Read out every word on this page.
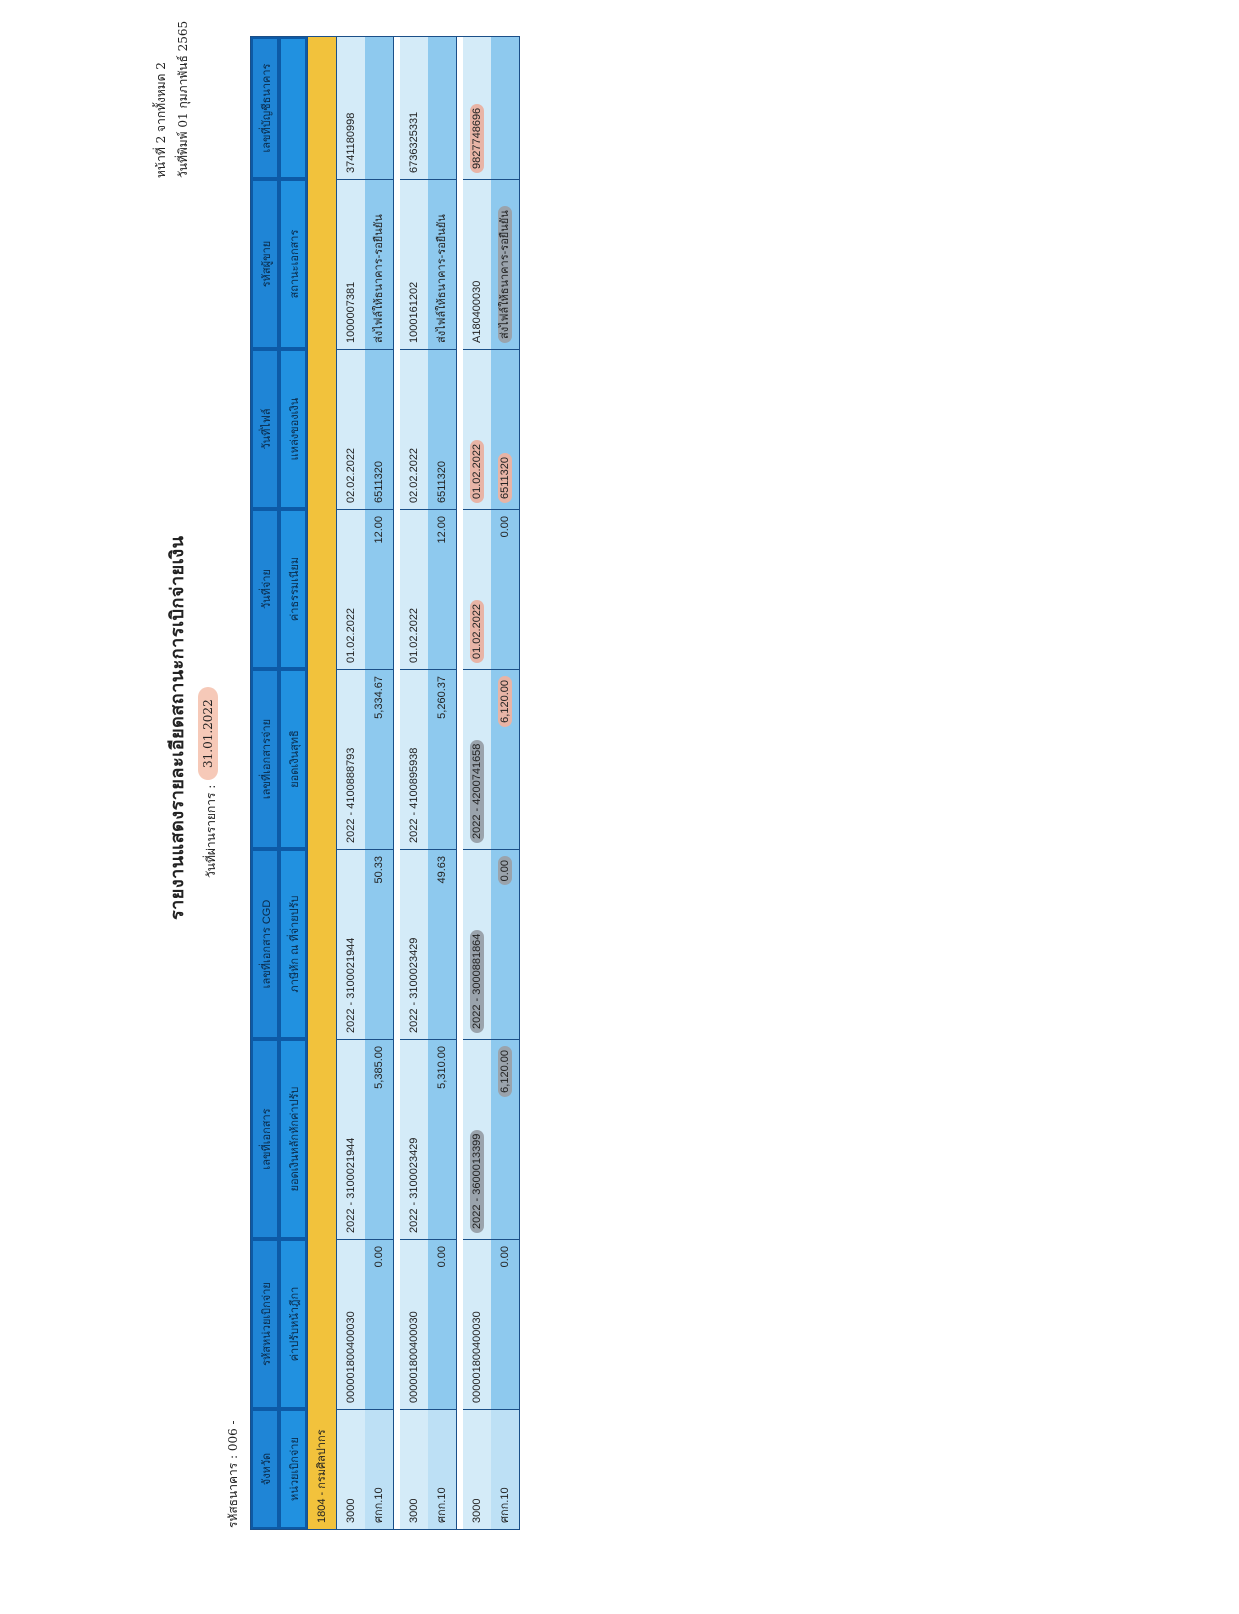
รายงานแสดงรายละเอียดสถานะการเบิกจ่ายเงิน วันที่ผ่านรายการ :
31.01.2022
หน้าที่ 2 จากทั้งหมด 2
วันที่พิมพ์ 01 กุมภาพันธ์ 2565
รหัสธนาคาร : 006 -
จังหวัด
รหัสหน่วยเบิกจ่าย
เลขที่เอกสาร
เลขที่เอกสาร CGD
เลขที่เอกสารจ่าย
วันที่จ่าย
วันที่ไฟล์
รหัสผู้ขาย
เลขที่บัญชีธนาคาร
หน่วยเบิกจ่าย
ค่าปรับหน้าฎีกา
ยอดเงินหลักหักค่าปรับ
ภาษีหัก ณ ที่จ่ายปรับ
ยอดเงินสุทธิ
ค่าธรรมเนียม
แหล่งของเงิน
สถานะเอกสาร
1804 - กรมศิลปากร	3000
000001800400030
2022 - 3100021944
2022 - 3100021944
2022 - 4100888793
01.02.2022
02.02.2022
1000007381
3741180998
ศกก.10
0.00
5,385.00
50.33
5,334.67
12.00
6511320
ส่งไฟล์ให้ธนาคาร-รอยืนยัน
3000
000001800400030
2022 - 3100023429
2022 - 3100023429
2022 - 4100895938
01.02.2022
02.02.2022
1000161202
6736325331
ศกก.10
0.00
5,310.00
49.63
5,260.37
12.00
6511320
ส่งไฟล์ให้ธนาคาร-รอยืนยัน
3000
000001800400030
2022 - 3600013399
2022 - 3000881864
2022 - 4200741658
01.02.2022
01.02.2022
A180400030
9827748696
ศกก.10
0.00
6,120.00
0.00
6,120.00
0.00
6511320
ส่งไฟล์ให้ธนาคาร-รอยืนยัน
